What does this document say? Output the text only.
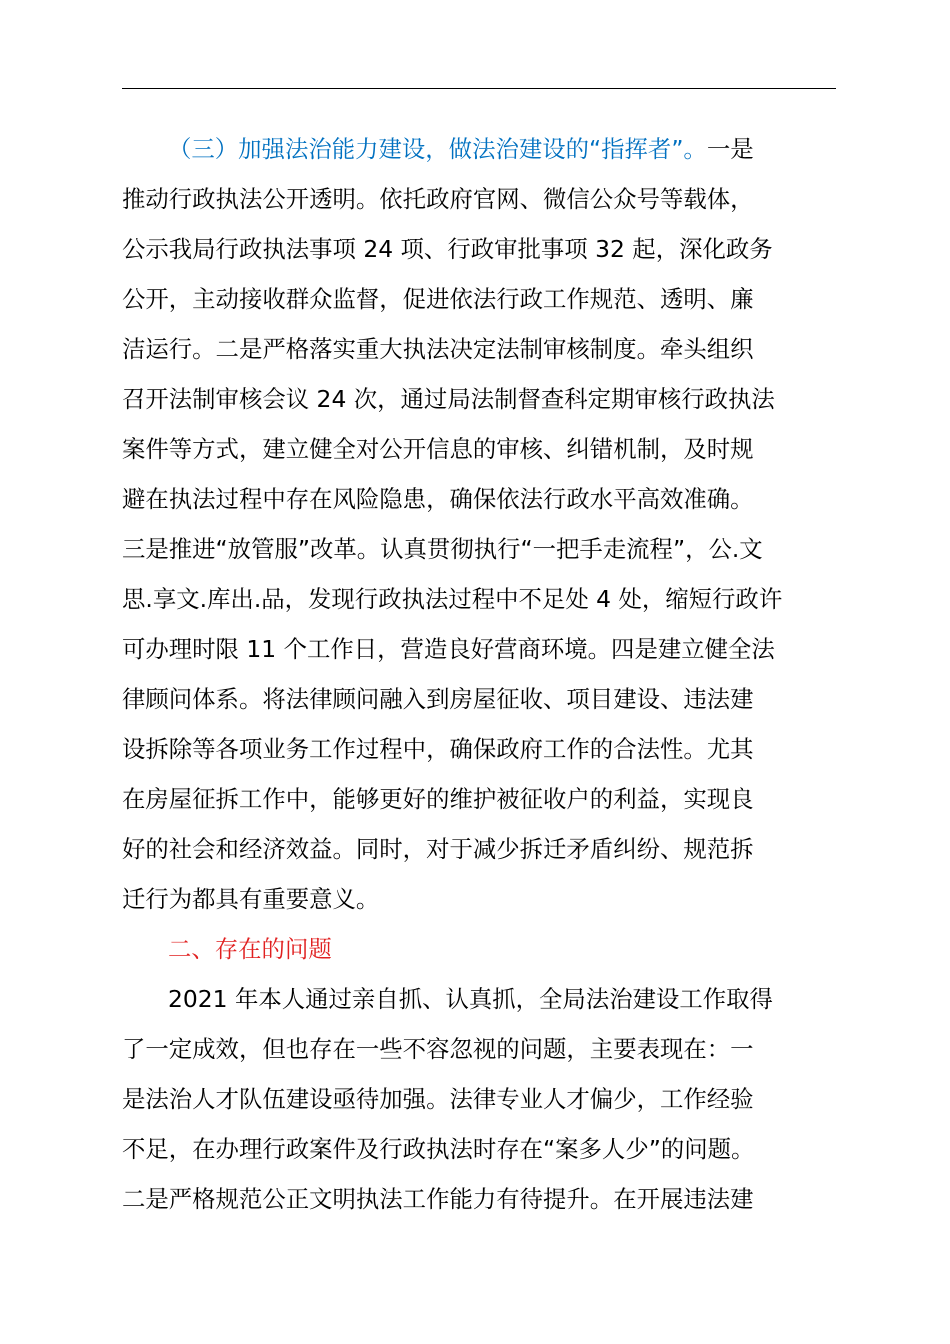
（三）加强法治能力建设，做法治建设的“指挥者”。一是
推动行政执法公开透明。依托政府官网、微信公众号等载体，
公示我局行政执法事项 24 项、行政审批事项 32 起，深化政务
公开，主动接收群众监督，促进依法行政工作规范、透明、廉
洁运行。二是严格落实重大执法决定法制审核制度。牵头组织
召开法制审核会议 24 次，通过局法制督查科定期审核行政执法
案件等方式，建立健全对公开信息的审核、纠错机制，及时规
避在执法过程中存在风险隐患，确保依法行政水平高效准确。
三是推进“放管服”改革。认真贯彻执行“一把手走流程”，公.文
思.享文.库出.品，发现行政执法过程中不足处 4 处，缩短行政许
可办理时限 11 个工作日，营造良好营商环境。四是建立健全法
律顾问体系。将法律顾问融入到房屋征收、项目建设、违法建
设拆除等各项业务工作过程中，确保政府工作的合法性。尤其
在房屋征拆工作中，能够更好的维护被征收户的利益，实现良
好的社会和经济效益。同时，对于减少拆迁矛盾纠纷、规范拆
迁行为都具有重要意义。
二、存在的问题
2021 年本人通过亲自抓、认真抓，全局法治建设工作取得
了一定成效，但也存在一些不容忽视的问题，主要表现在：一
是法治人才队伍建设亟待加强。法律专业人才偏少，工作经验
不足，在办理行政案件及行政执法时存在“案多人少”的问题。
二是严格规范公正文明执法工作能力有待提升。在开展违法建
